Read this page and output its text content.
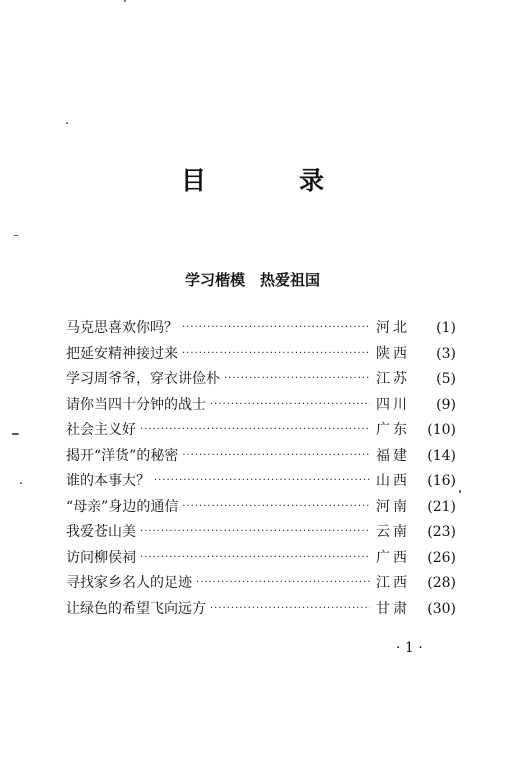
目　录
学习楷模　热爱祖国
马克思喜欢你吗？ ·····	河北	(1)
把延安精神接过来 ·····	陕西	(3)
学习周爷爷，穿衣讲俭朴 ·····	江苏	(5)
请你当四十分钟的战士 ·····	四川	(9)
社会主义好 ·····	广东	(10)
揭开“洋货”的秘密 ·····	福建	(14)
谁的本事大？ ·····	山西	(16)
“母亲”身边的通信 ·····	河南	(21)
我爱苍山美 ·····	云南	(23)
访问柳侯祠 ·····	广西	(26)
寻找家乡名人的足迹 ·····	江西	(28)
让绿色的希望飞向远方 ·····	甘肃	(30)
· 1 ·
